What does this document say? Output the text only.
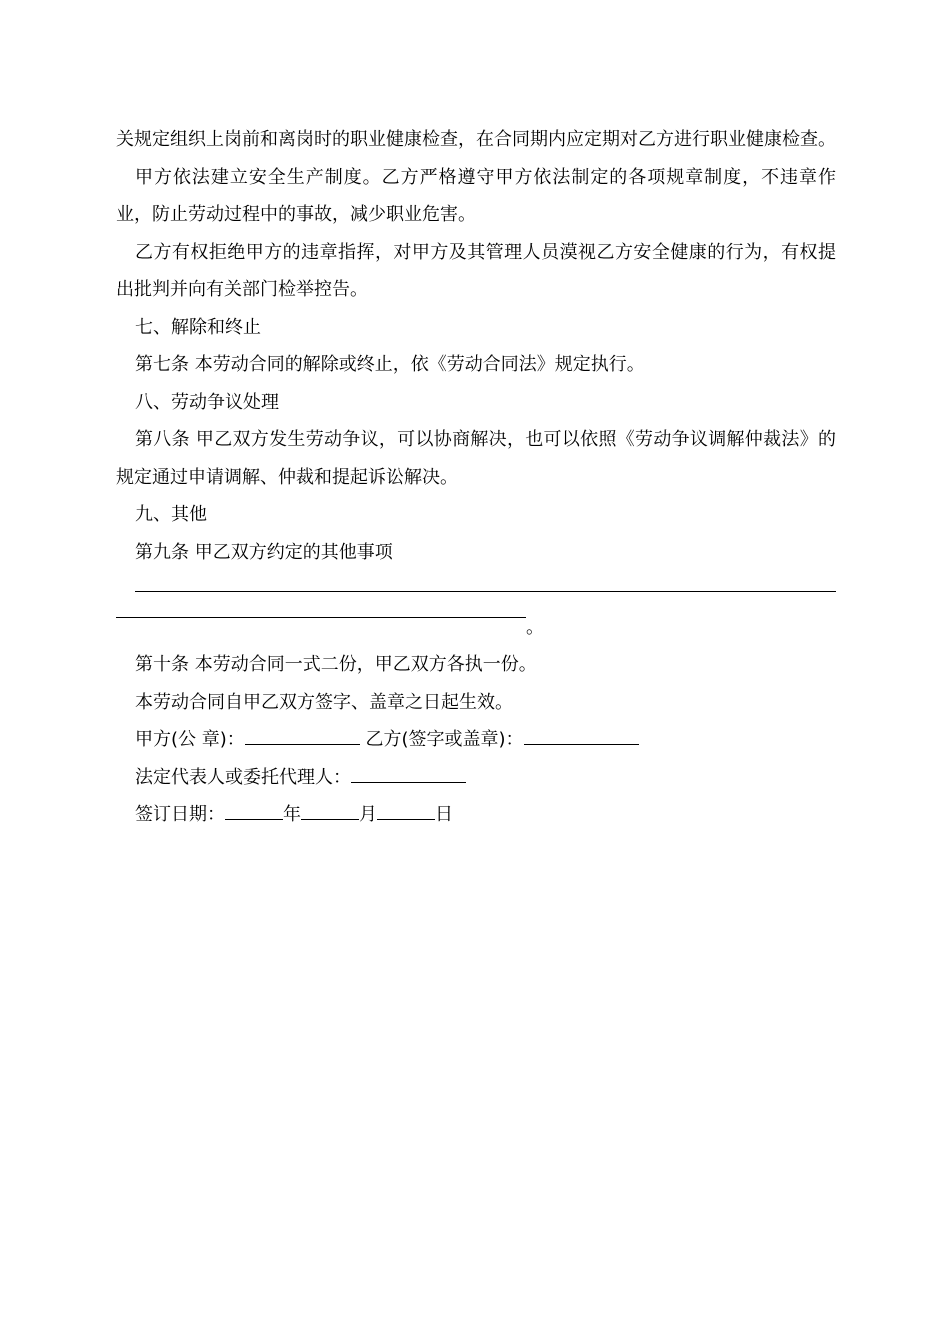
关规定组织上岗前和离岗时的职业健康检查，在合同期内应定期对乙方进行职业健康检查。

甲方依法建立安全生产制度。乙方严格遵守甲方依法制定的各项规章制度，不违章作业，防止劳动过程中的事故，减少职业危害。

乙方有权拒绝甲方的违章指挥，对甲方及其管理人员漠视乙方安全健康的行为，有权提出批判并向有关部门检举控告。

七、解除和终止

第七条 本劳动合同的解除或终止，依《劳动合同法》规定执行。

八、劳动争议处理

第八条 甲乙双方发生劳动争议，可以协商解决，也可以依照《劳动争议调解仲裁法》的规定通过申请调解、仲裁和提起诉讼解决。

九、其他

第九条 甲乙双方约定的其他事项

。

第十条 本劳动合同一式二份，甲乙双方各执一份。

本劳动合同自甲乙双方签字、盖章之日起生效。

甲方(公 章)：	乙方(签字或盖章)：

法定代表人或委托代理人：

签订日期：	年	月	日
